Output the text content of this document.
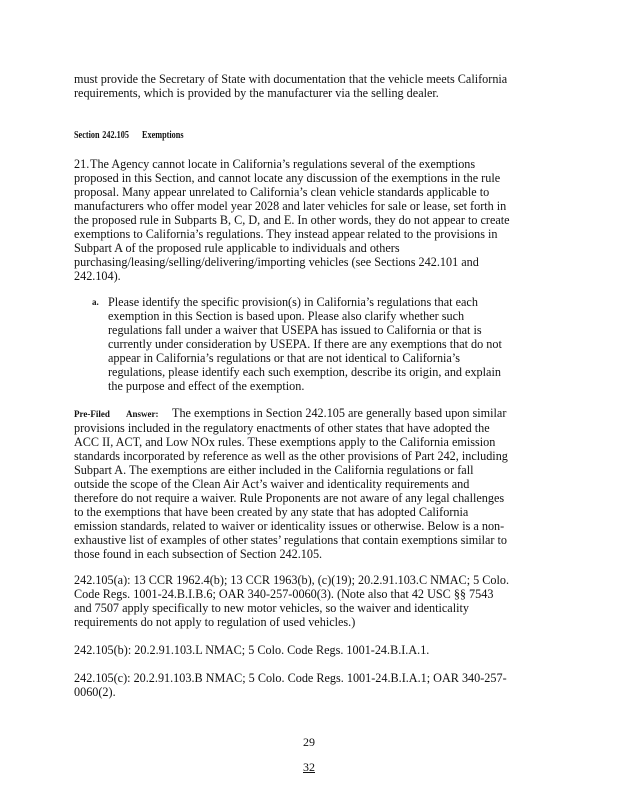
must provide the Secretary of State with documentation that the vehicle meets California requirements, which is provided by the manufacturer via the selling dealer.

Section 242.105 Exemptions

21.The Agency cannot locate in California’s regulations several of the exemptions proposed in this Section, and cannot locate any discussion of the exemptions in the rule proposal. Many appear unrelated to California’s clean vehicle standards applicable to manufacturers who offer model year 2028 and later vehicles for sale or lease, set forth in the proposed rule in Subparts B, C, D, and E. In other words, they do not appear to create exemptions to California’s regulations. They instead appear related to the provisions in Subpart A of the proposed rule applicable to individuals and others purchasing/leasing/selling/delivering/importing vehicles (see Sections 242.101 and 242.104).

a. Please identify the specific provision(s) in California’s regulations that each exemption in this Section is based upon. Please also clarify whether such regulations fall under a waiver that USEPA has issued to California or that is currently under consideration by USEPA. If there are any exemptions that do not appear in California’s regulations or that are not identical to California’s regulations, please identify each such exemption, describe its origin, and explain the purpose and effect of the exemption.

Pre-Filed Answer: The exemptions in Section 242.105 are generally based upon similar provisions included in the regulatory enactments of other states that have adopted the ACC II, ACT, and Low NOx rules. These exemptions apply to the California emission standards incorporated by reference as well as the other provisions of Part 242, including Subpart A. The exemptions are either included in the California regulations or fall outside the scope of the Clean Air Act’s waiver and identicality requirements and therefore do not require a waiver. Rule Proponents are not aware of any legal challenges to the exemptions that have been created by any state that has adopted California emission standards, related to waiver or identicality issues or otherwise. Below is a non-exhaustive list of examples of other states’ regulations that contain exemptions similar to those found in each subsection of Section 242.105.

242.105(a): 13 CCR 1962.4(b); 13 CCR 1963(b), (c)(19); 20.2.91.103.C NMAC; 5 Colo. Code Regs. 1001-24.B.I.B.6; OAR 340-257-0060(3). (Note also that 42 USC §§ 7543 and 7507 apply specifically to new motor vehicles, so the waiver and identicality requirements do not apply to regulation of used vehicles.)

242.105(b): 20.2.91.103.L NMAC; 5 Colo. Code Regs. 1001-24.B.I.A.1.

242.105(c): 20.2.91.103.B NMAC; 5 Colo. Code Regs. 1001-24.B.I.A.1; OAR 340-257-0060(2).

29
32
